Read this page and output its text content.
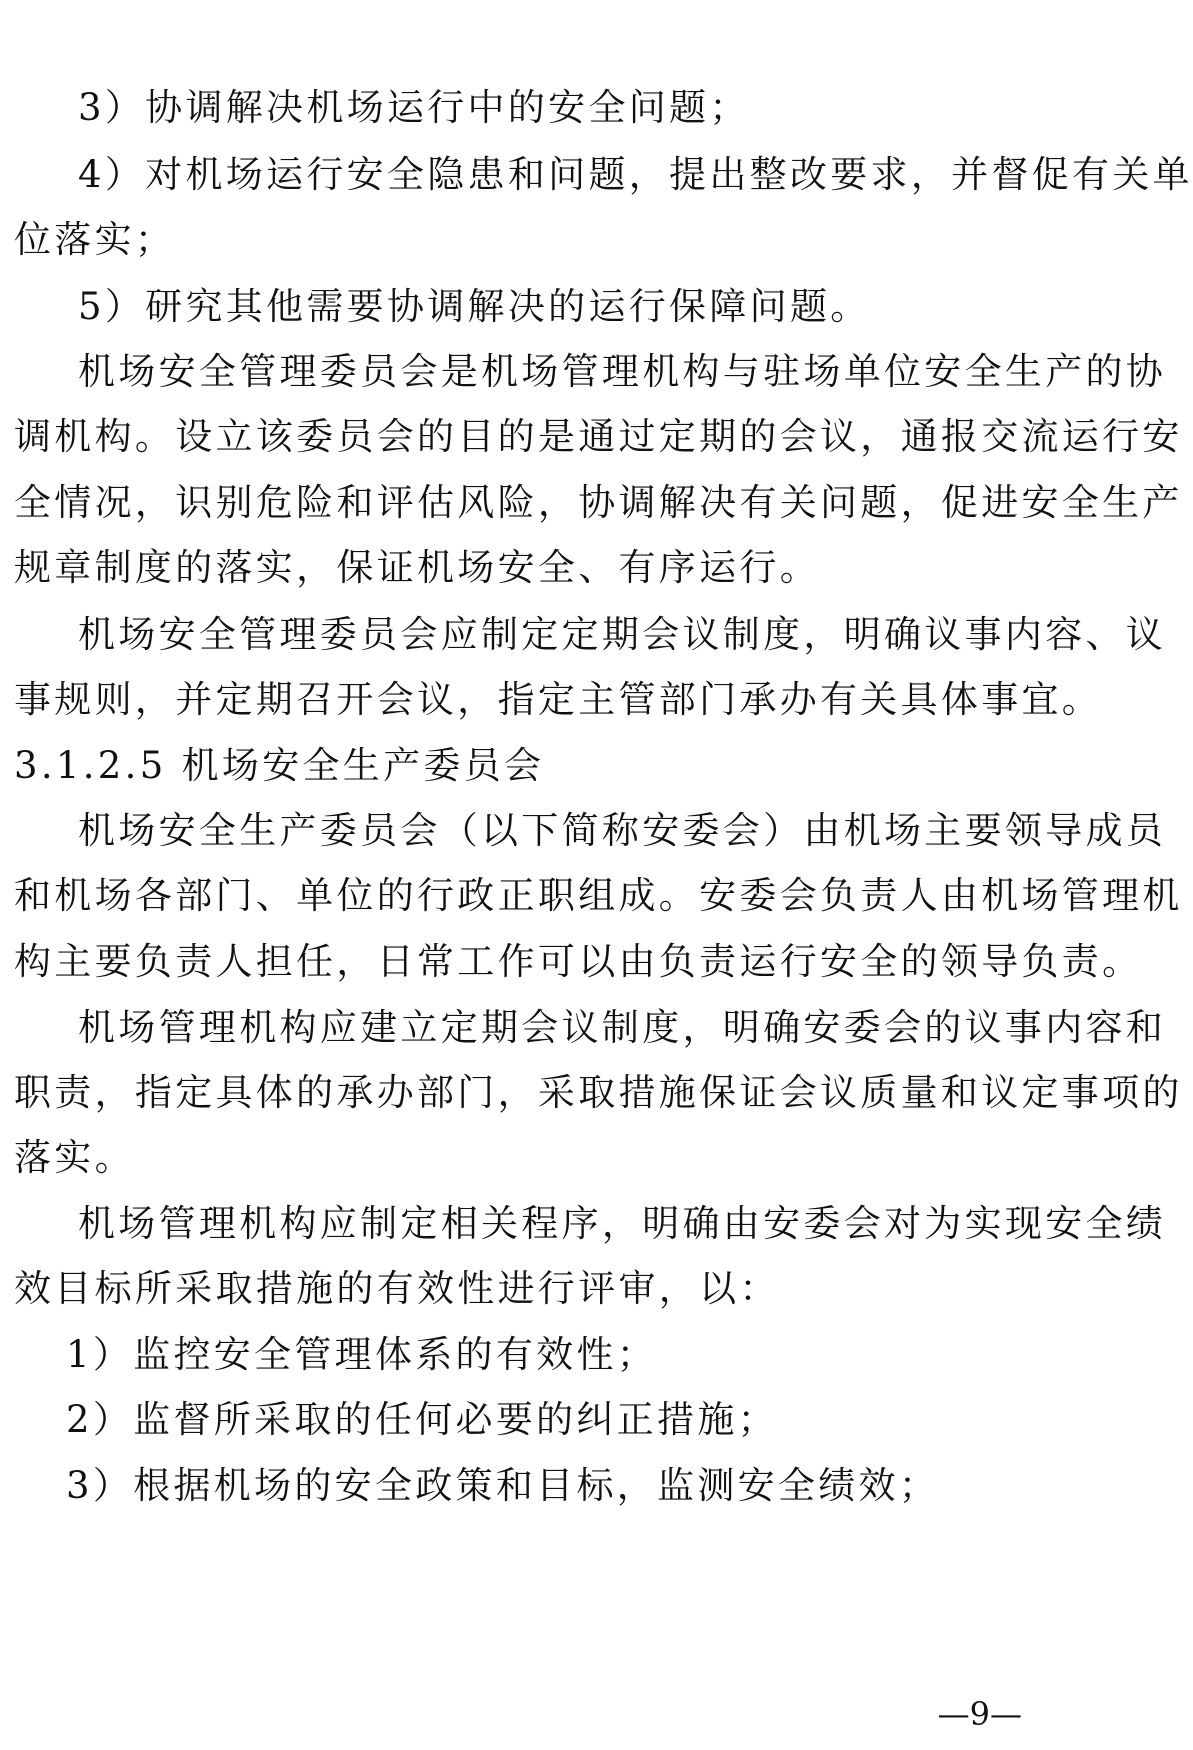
3）协调解决机场运行中的安全问题；
4）对机场运行安全隐患和问题，提出整改要求，并督促有关单
位落实；
5）研究其他需要协调解决的运行保障问题。
机场安全管理委员会是机场管理机构与驻场单位安全生产的协
调机构。设立该委员会的目的是通过定期的会议，通报交流运行安
全情况，识别危险和评估风险，协调解决有关问题，促进安全生产
规章制度的落实，保证机场安全、有序运行。
机场安全管理委员会应制定定期会议制度，明确议事内容、议
事规则，并定期召开会议，指定主管部门承办有关具体事宜。
3.1.2.5 机场安全生产委员会
机场安全生产委员会（以下简称安委会）由机场主要领导成员
和机场各部门、单位的行政正职组成。安委会负责人由机场管理机
构主要负责人担任，日常工作可以由负责运行安全的领导负责。
机场管理机构应建立定期会议制度，明确安委会的议事内容和
职责，指定具体的承办部门，采取措施保证会议质量和议定事项的
落实。
机场管理机构应制定相关程序，明确由安委会对为实现安全绩
效目标所采取措施的有效性进行评审，以：
1）监控安全管理体系的有效性；
2）监督所采取的任何必要的纠正措施；
3）根据机场的安全政策和目标，监测安全绩效；
—9—
